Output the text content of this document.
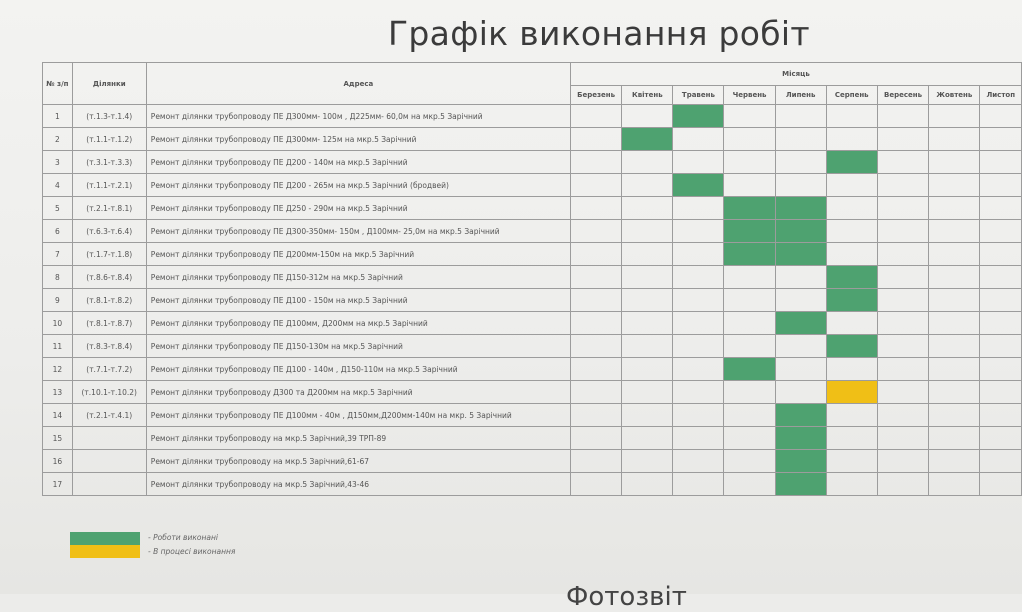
Графік виконання робіт
№ з/п	Ділянки	Адреса	Місяць								
			Березень	Квітень	Травень	Червень	Липень	Серпень	Вересень	Жовтень	Листоп
1	(т.1.3-т.1.4)	Ремонт ділянки трубопроводу ПЕ Д300мм- 100м , Д225мм- 60,0м на мкр.5 Зарічний									
2	(т.1.1-т.1.2)	Ремонт ділянки трубопроводу ПЕ Д300мм- 125м на мкр.5 Зарічний									
3	(т.3.1-т.3.3)	Ремонт ділянки трубопроводу ПЕ Д200 - 140м на мкр.5 Зарічний									
4	(т.1.1-т.2.1)	Ремонт ділянки трубопроводу ПЕ Д200 - 265м на мкр.5 Зарічний (бродвей)									
5	(т.2.1-т.8.1)	Ремонт ділянки трубопроводу ПЕ Д250 - 290м на мкр.5 Зарічний									
6	(т.6.3-т.6.4)	Ремонт ділянки трубопроводу ПЕ Д300-350мм- 150м , Д100мм- 25,0м на мкр.5 Зарічний									
7	(т.1.7-т.1.8)	Ремонт ділянки трубопроводу ПЕ Д200мм-150м на мкр.5 Зарічний									
8	(т.8.6-т.8.4)	Ремонт ділянки трубопроводу ПЕ Д150-312м на мкр.5 Зарічний									
9	(т.8.1-т.8.2)	Ремонт ділянки трубопроводу ПЕ Д100 - 150м на мкр.5 Зарічний									
10	(т.8.1-т.8.7)	Ремонт ділянки трубопроводу ПЕ Д100мм, Д200мм на мкр.5 Зарічний									
11	(т.8.3-т.8.4)	Ремонт ділянки трубопроводу ПЕ Д150-130м на мкр.5 Зарічний									
12	(т.7.1-т.7.2)	Ремонт ділянки трубопроводу ПЕ Д100 - 140м , Д150-110м на мкр.5 Зарічний									
13	(т.10.1-т.10.2)	Ремонт ділянки трубопроводу Д300 та Д200мм на мкр.5 Зарічний									
14	(т.2.1-т.4.1)	Ремонт ділянки трубопроводу ПЕ Д100мм - 40м , Д150мм,Д200мм-140м на мкр. 5 Зарічний									
15		Ремонт ділянки трубопроводу на мкр.5 Зарічний,39 ТРП-89									
16		Ремонт ділянки трубопроводу на мкр.5 Зарічний,61-67									
17		Ремонт ділянки трубопроводу на мкр.5 Зарічний,43-46									
- Роботи виконані
- В процесі виконання
Фотозвіт
